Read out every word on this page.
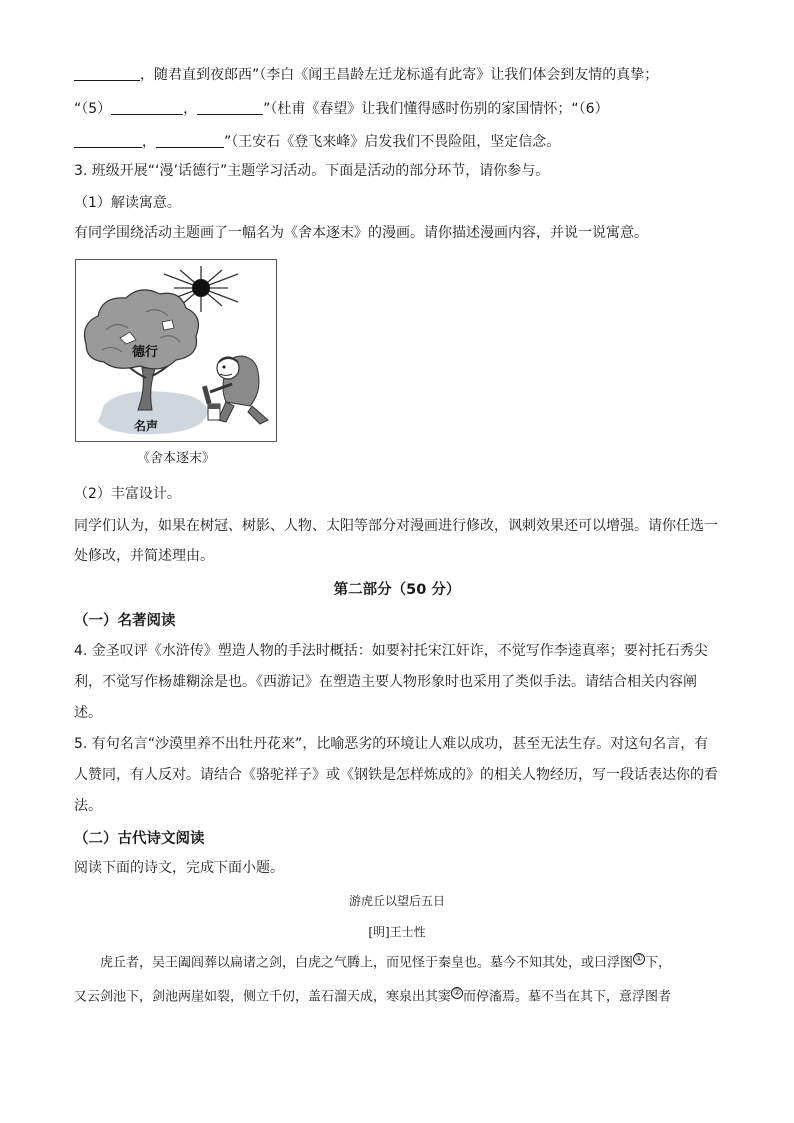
，随君直到夜郎西”（李白《闻王昌龄左迁龙标遥有此寄》让我们体会到友情的真挚；
“（5）	，	”（杜甫《春望》让我们懂得感时伤别的家国情怀；“（6）
，	”（王安石《登飞来峰》启发我们不畏险阻，坚定信念。
3. 班级开展“‘漫’话德行”主题学习活动。下面是活动的部分环节，请你参与。
（1）解读寓意。
有同学围绕活动主题画了一幅名为《舍本逐末》的漫画。请你描述漫画内容，并说一说寓意。
德行
名声
《舍本逐末》
（2）丰富设计。
同学们认为，如果在树冠、树影、人物、太阳等部分对漫画进行修改，讽刺效果还可以增强。请你任选一
处修改，并简述理由。
第二部分（50 分）
（一）名著阅读
4. 金圣叹评《水浒传》塑造人物的手法时概括：如要衬托宋江奸诈，不觉写作李逵真率；要衬托石秀尖
利，不觉写作杨雄糊涂是也。《西游记》在塑造主要人物形象时也采用了类似手法。请结合相关内容阐
述。
5. 有句名言“沙漠里养不出牡丹花来”，比喻恶劣的环境让人难以成功，甚至无法生存。对这句名言，有
人赞同，有人反对。请结合《骆驼祥子》或《钢铁是怎样炼成的》的相关人物经历，写一段话表达你的看
法。
（二）古代诗文阅读
阅读下面的诗文，完成下面小题。
游虎丘以望后五日
[明]王士性
虎丘者，吴王阖闾葬以扁诸之剑，白虎之气腾上，而见怪于秦皇也。墓今不知其处，或曰浮图 ① 下，
又云剑池下，剑池两崖如裂，侧立千仞，盖石溜天成，寒泉出其窦 ② 而停滀焉。墓不当在其下，意浮图者
